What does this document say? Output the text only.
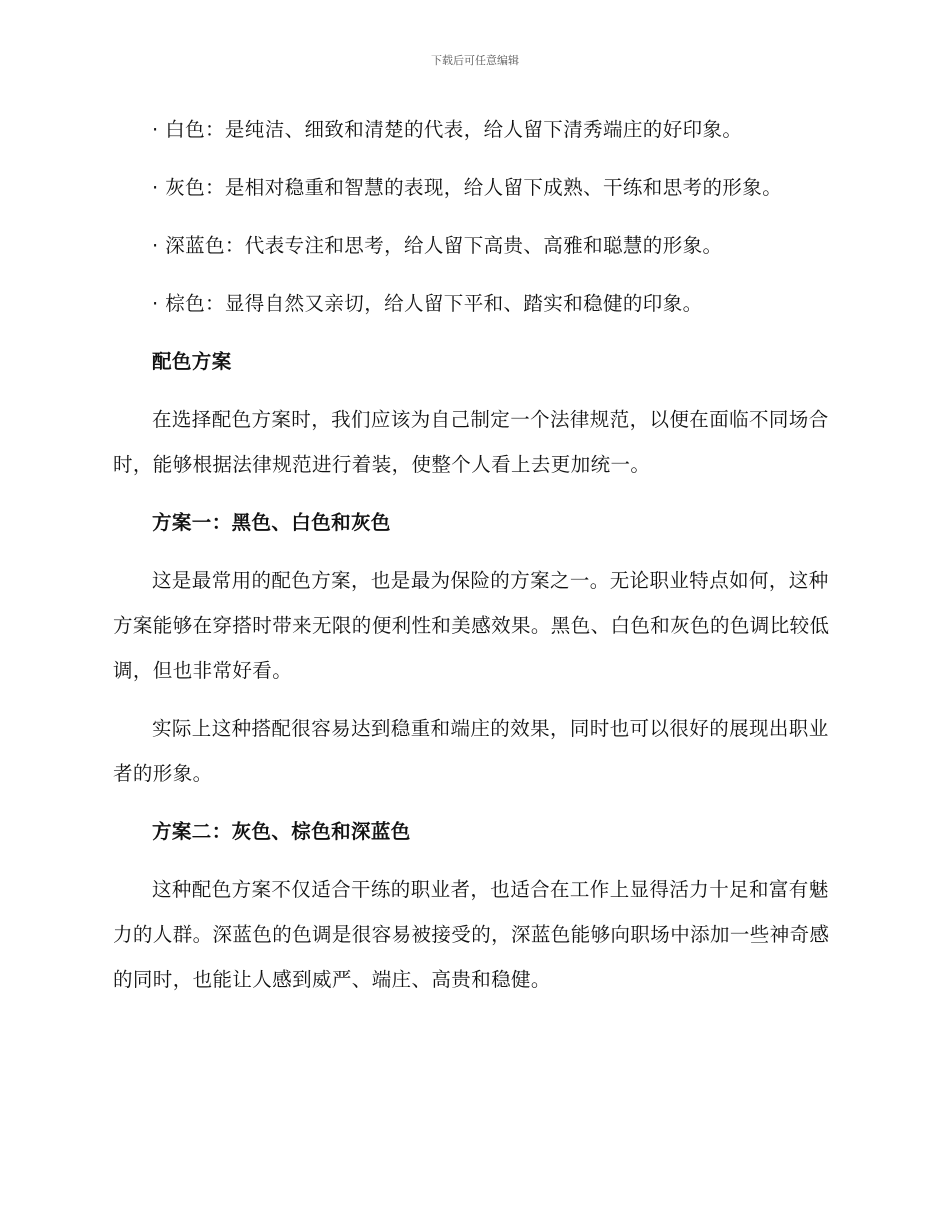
下载后可任意编辑

· 白色：是纯洁、细致和清楚的代表，给人留下清秀端庄的好印象。

· 灰色：是相对稳重和智慧的表现，给人留下成熟、干练和思考的形象。

· 深蓝色：代表专注和思考，给人留下高贵、高雅和聪慧的形象。

· 棕色：显得自然又亲切，给人留下平和、踏实和稳健的印象。

配色方案

在选择配色方案时，我们应该为自己制定一个法律规范，以便在面临不同场合时，能够根据法律规范进行着装，使整个人看上去更加统一。

方案一：黑色、白色和灰色

这是最常用的配色方案，也是最为保险的方案之一。无论职业特点如何，这种方案能够在穿搭时带来无限的便利性和美感效果。黑色、白色和灰色的色调比较低调，但也非常好看。

实际上这种搭配很容易达到稳重和端庄的效果，同时也可以很好的展现出职业者的形象。

方案二：灰色、棕色和深蓝色

这种配色方案不仅适合干练的职业者，也适合在工作上显得活力十足和富有魅力的人群。深蓝色的色调是很容易被接受的，深蓝色能够向职场中添加一些神奇感的同时，也能让人感到威严、端庄、高贵和稳健。
